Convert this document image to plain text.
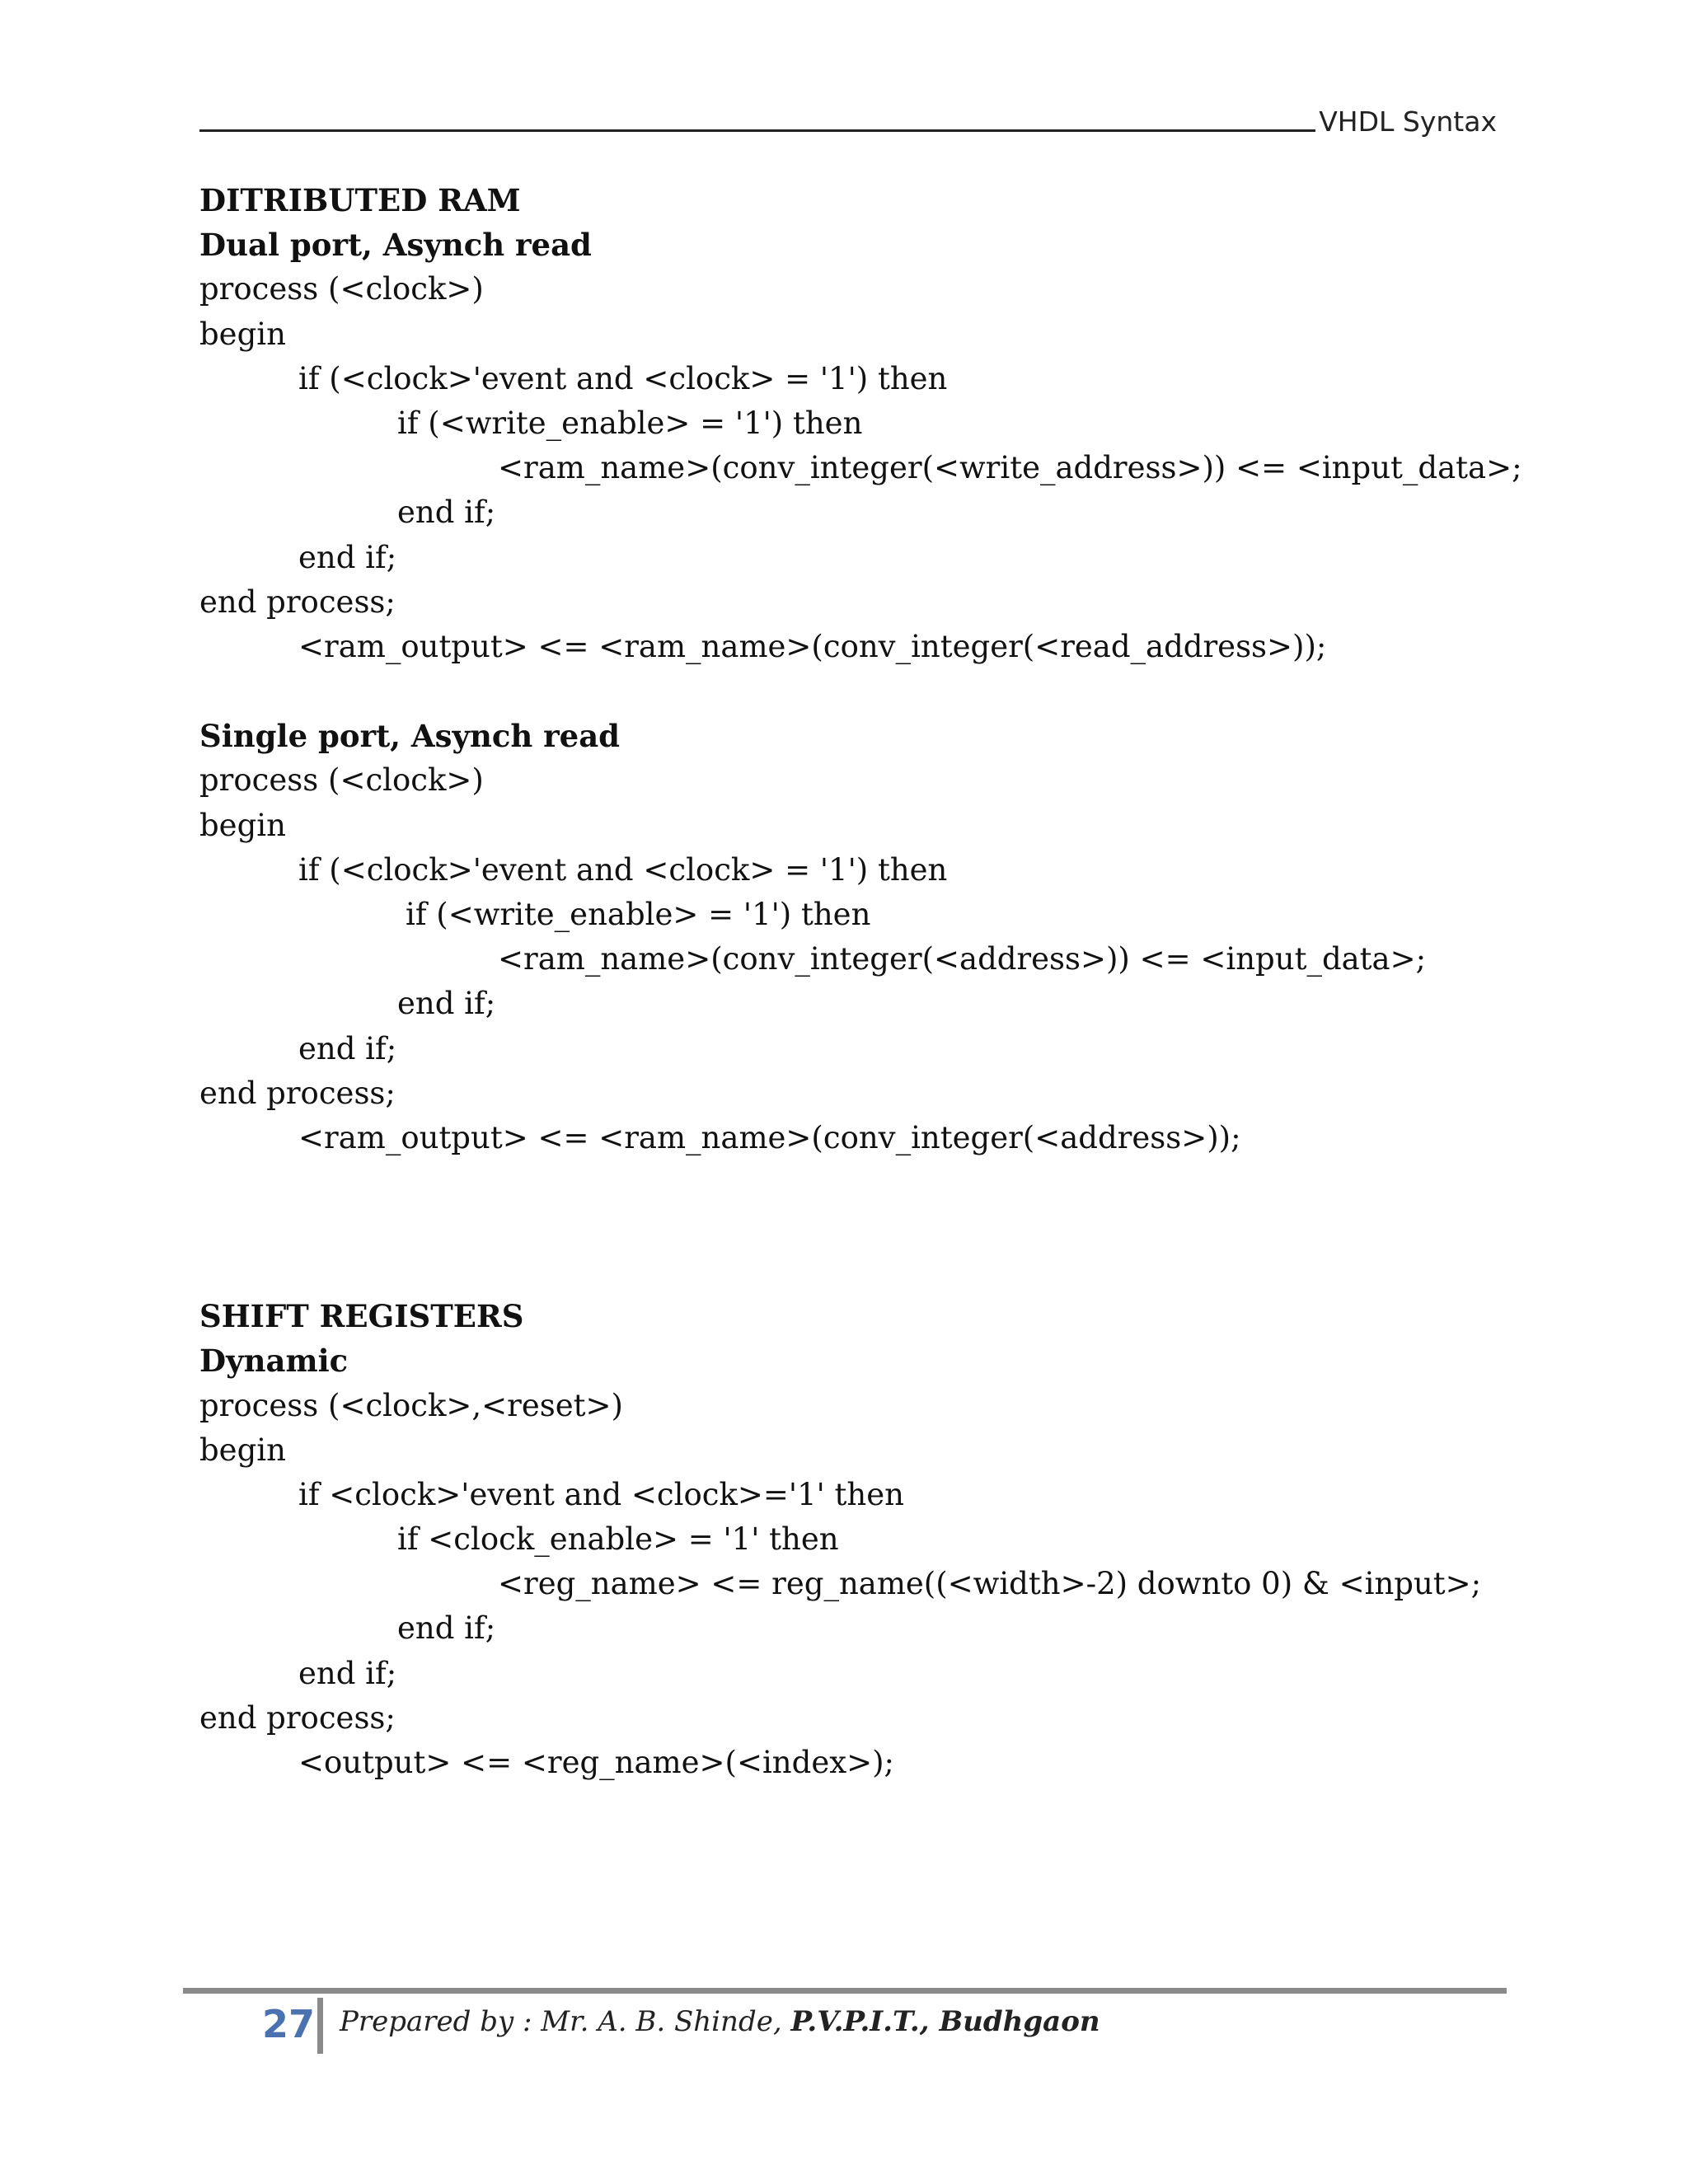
VHDL Syntax
DITRIBUTED RAM
Dual port, Asynch read
process (<clock>)
begin
if (<clock>'event and <clock> = '1') then
if (<write_enable> = '1') then
<ram_name>(conv_integer(<write_address>)) <= <input_data>;
end if;
end if;
end process;
<ram_output> <= <ram_name>(conv_integer(<read_address>));
Single port, Asynch read
process (<clock>)
begin
if (<clock>'event and <clock> = '1') then
if (<write_enable> = '1') then
<ram_name>(conv_integer(<address>)) <= <input_data>;
end if;
end if;
end process;
<ram_output> <= <ram_name>(conv_integer(<address>));
SHIFT REGISTERS
Dynamic
process (<clock>,<reset>)
begin
if <clock>'event and <clock>='1' then
if <clock_enable> = '1' then
<reg_name> <= reg_name((<width>-2) downto 0) & <input>;
end if;
end if;
end process;
<output> <= <reg_name>(<index>);
27 Prepared by : Mr. A. B. Shinde, P.V.P.I.T., Budhgaon
